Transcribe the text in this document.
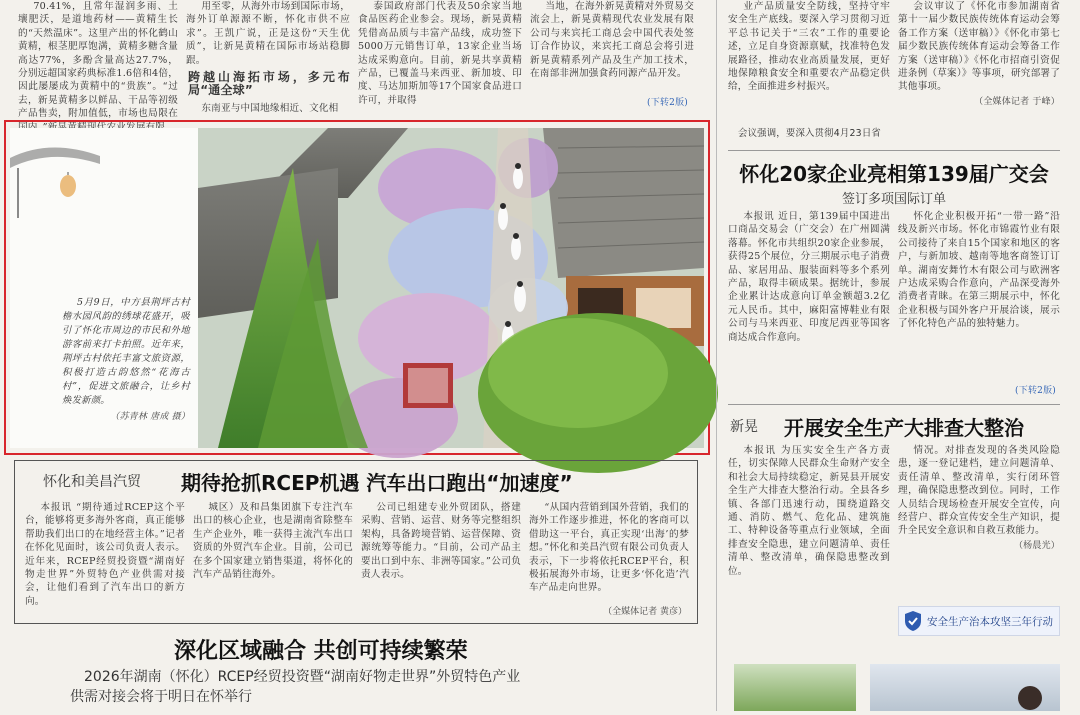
70.41%，且常年湿润多雨、土壤肥沃，是道地药材——黄精生长的“天然温床”。这里产出的怀化鹤山黄精，根茎肥厚饱满，黄精多糖含量高达77%，多酚含量高达27.7%，分别远超国家药典标准1.6倍和4倍，因此屡屡成为黄精中的“贵族”。“过去，新晃黄精多以鲜品、干品等初级产品售卖，附加值低，市场也局限在

用至零，从海外市场到国际市场，海外订单源源不断，怀化市供不应求”。王凯广说，正是这份“天生优质”，让新晃黄精在国际市场站稳脚跟。

跨越山海拓市场，多元布局“通全球”

东南亚与中国地缘相近、文化相

泰国政府部门代表及50余家当地食品医药企业参会。现场，新晃黄精凭借高品质与丰富产品线，成功签下5000万元销售订单，13家企业当场达成采购意向。目前，新晃共享黄精产品，已覆盖马来西亚、新加坡、印度、马达加斯加等17个国家食品进口许可，并取得

当地，在海外新晃黄精对外贸易交流会上，新晃黄精现代农业发展有限公司与来宾托工商总会中国代表处签订合作协议，来宾托工商总会将引进新晃黄精系列产品及生产加工技术，在南部非洲加强食药同源产品开发。

(下转2版)

5月9日，中方县荆坪古村檐水园风韵的绣球花盛开，吸引了怀化市周边的市民和外地游客前来打卡拍照。近年来，荆坪古村依托丰富文旅资源，积极打造古韵悠然“花海古村”，促进文旅融合，让乡村焕发新颜。

（苏青林 唐成 摄）
怀化和美昌汽贸 期待抢抓RCEP机遇 汽车出口跑出“加速度”

本报讯 “期待通过RCEP这个平台，能够将更多海外客商，真正能够帮助我们出口的在地经营主体。”记者在怀化见面时，该公司负责人表示。近年来，RCEP经贸投资暨“湖南好物走世界”外贸特色产业供需对接会，让他们看到了汽车出口的新方向。

城区）及和昌集团旗下专注汽车出口的核心企业，也是湖南省除整车生产企业外，唯一获得主流汽车出口资质的外贸汽车企业。目前，公司已在多个国家建立销售渠道，将怀化的汽车产品销往海外。

公司已组建专业外贸团队，搭建采购、营销、运营、财务等完整组织架构，具备跨境营销、运营保障、资源统筹等能力。“目前，公司产品主要出口到中东、非洲等国家。”公司负责人表示。

“从国内营销到国外营销，我们的海外工作逐步推进，怀化的客商可以借助这一平台，真正实现‘出海’的梦想。”怀化和美昌汽贸有限公司负责人表示，下一步将依托RCEP平台，积极拓展海外市场，让更多‘怀化造’汽车产品走向世界。

（全媒体记者 黄彦）
深化区域融合 共创可持续繁荣
2026年湖南（怀化）RCEP经贸投资暨“湖南好物走世界”外贸特色产业
供需对接会将于明日在怀举行

业产品质量安全防线，坚持守牢安全生产底线。要深入学习贯彻习近平总书记关于“三农”工作的重要论述，立足自身资源禀赋，找准特色发展路径，推动农业高质量发展，更好地保障粮食安全和重要农产品稳定供给，全面推进乡村振兴。

会议强调，要深入贯彻4月23日省

会议审议了《怀化市参加湖南省第十一届少数民族传统体育运动会筹备工作方案（送审稿）》《怀化市第七届少数民族传统体育运动会筹备工作方案（送审稿）》《怀化市招商引资促进条例（草案）》等事项，研究部署了其他事项。

（全媒体记者 于峰）
怀化20家企业亮相第139届广交会
签订多项国际订单

本报讯 近日，第139届中国进出口商品交易会（广交会）在广州圆满落幕。怀化市共组织20家企业参展，获得25个展位，分三期展示电子消费品、家居用品、服装面料等多个系列产品，取得丰硕成果。据统计，参展企业累计达成意向订单金额超3.2亿元人民币。其中，麻阳富博鞋业有限公司与马来西亚、印度尼西亚等国客商达成合作意向。

怀化企业积极开拓“一带一路”沿线及新兴市场。怀化市锦霞竹业有限公司接待了来自15个国家和地区的客户，与新加坡、越南等地客商签订订单。湖南安舞竹木有限公司与欧洲客户达成采购合作意向，产品深受海外消费者青睐。在第三期展示中，怀化企业积极与国外客户开展洽谈，展示了怀化特色产品的独特魅力。

(下转2版)
新晃 开展安全生产大排查大整治

本报讯 为压实安全生产各方责任，切实保障人民群众生命财产安全和社会大局持续稳定，新晃县开展安全生产大排查大整治行动。全县各乡镇、各部门迅速行动，围绕道路交通、消防、燃气、危化品、建筑施工、特种设备等重点行业领域，全面排查安全隐患，建立问题清单、责任清单、整改清单，确保隐患整改到位。

情况。对排查发现的各类风险隐患，逐一登记建档，建立问题清单、责任清单、整改清单，实行闭环管理，确保隐患整改到位。同时，工作人员结合现场检查开展安全宣传，向经营户、群众宣传安全生产知识，提升全民安全意识和自救互救能力。

（杨晨光）
安全生产治本攻坚三年行动
